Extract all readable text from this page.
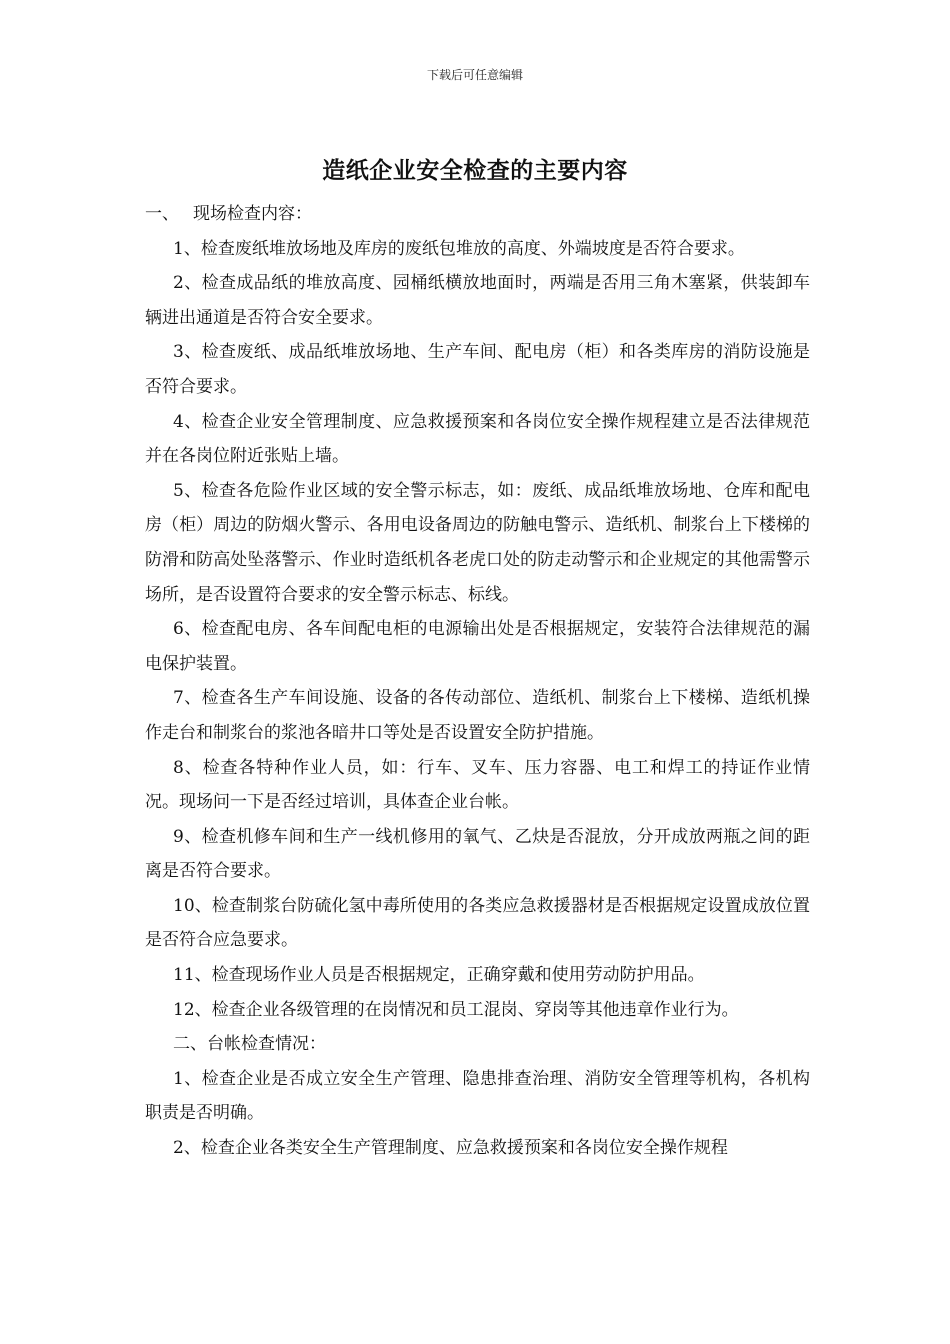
下载后可任意编辑
造纸企业安全检查的主要内容

一、 现场检查内容：

1、检查废纸堆放场地及库房的废纸包堆放的高度、外端坡度是否符合要求。

2、检查成品纸的堆放高度、园桶纸横放地面时，两端是否用三角木塞紧，供装卸车辆进出通道是否符合安全要求。

3、检查废纸、成品纸堆放场地、生产车间、配电房（柜）和各类库房的消防设施是否符合要求。

4、检查企业安全管理制度、应急救援预案和各岗位安全操作规程建立是否法律规范并在各岗位附近张贴上墙。

5、检查各危险作业区域的安全警示标志，如：废纸、成品纸堆放场地、仓库和配电房（柜）周边的防烟火警示、各用电设备周边的防触电警示、造纸机、制浆台上下楼梯的防滑和防高处坠落警示、作业时造纸机各老虎口处的防走动警示和企业规定的其他需警示场所，是否设置符合要求的安全警示标志、标线。

6、检查配电房、各车间配电柜的电源输出处是否根据规定，安装符合法律规范的漏电保护装置。

7、检查各生产车间设施、设备的各传动部位、造纸机、制浆台上下楼梯、造纸机操作走台和制浆台的浆池各暗井口等处是否设置安全防护措施。

8、检查各特种作业人员，如：行车、叉车、压力容器、电工和焊工的持证作业情况。现场问一下是否经过培训，具体查企业台帐。

9、检查机修车间和生产一线机修用的氧气、乙炔是否混放，分开成放两瓶之间的距离是否符合要求。

10、检查制浆台防硫化氢中毒所使用的各类应急救援器材是否根据规定设置成放位置是否符合应急要求。

11、检查现场作业人员是否根据规定，正确穿戴和使用劳动防护用品。

12、检查企业各级管理的在岗情况和员工混岗、穿岗等其他违章作业行为。

二、台帐检查情况：

1、检查企业是否成立安全生产管理、隐患排查治理、消防安全管理等机构，各机构职责是否明确。

2、检查企业各类安全生产管理制度、应急救援预案和各岗位安全操作规程
